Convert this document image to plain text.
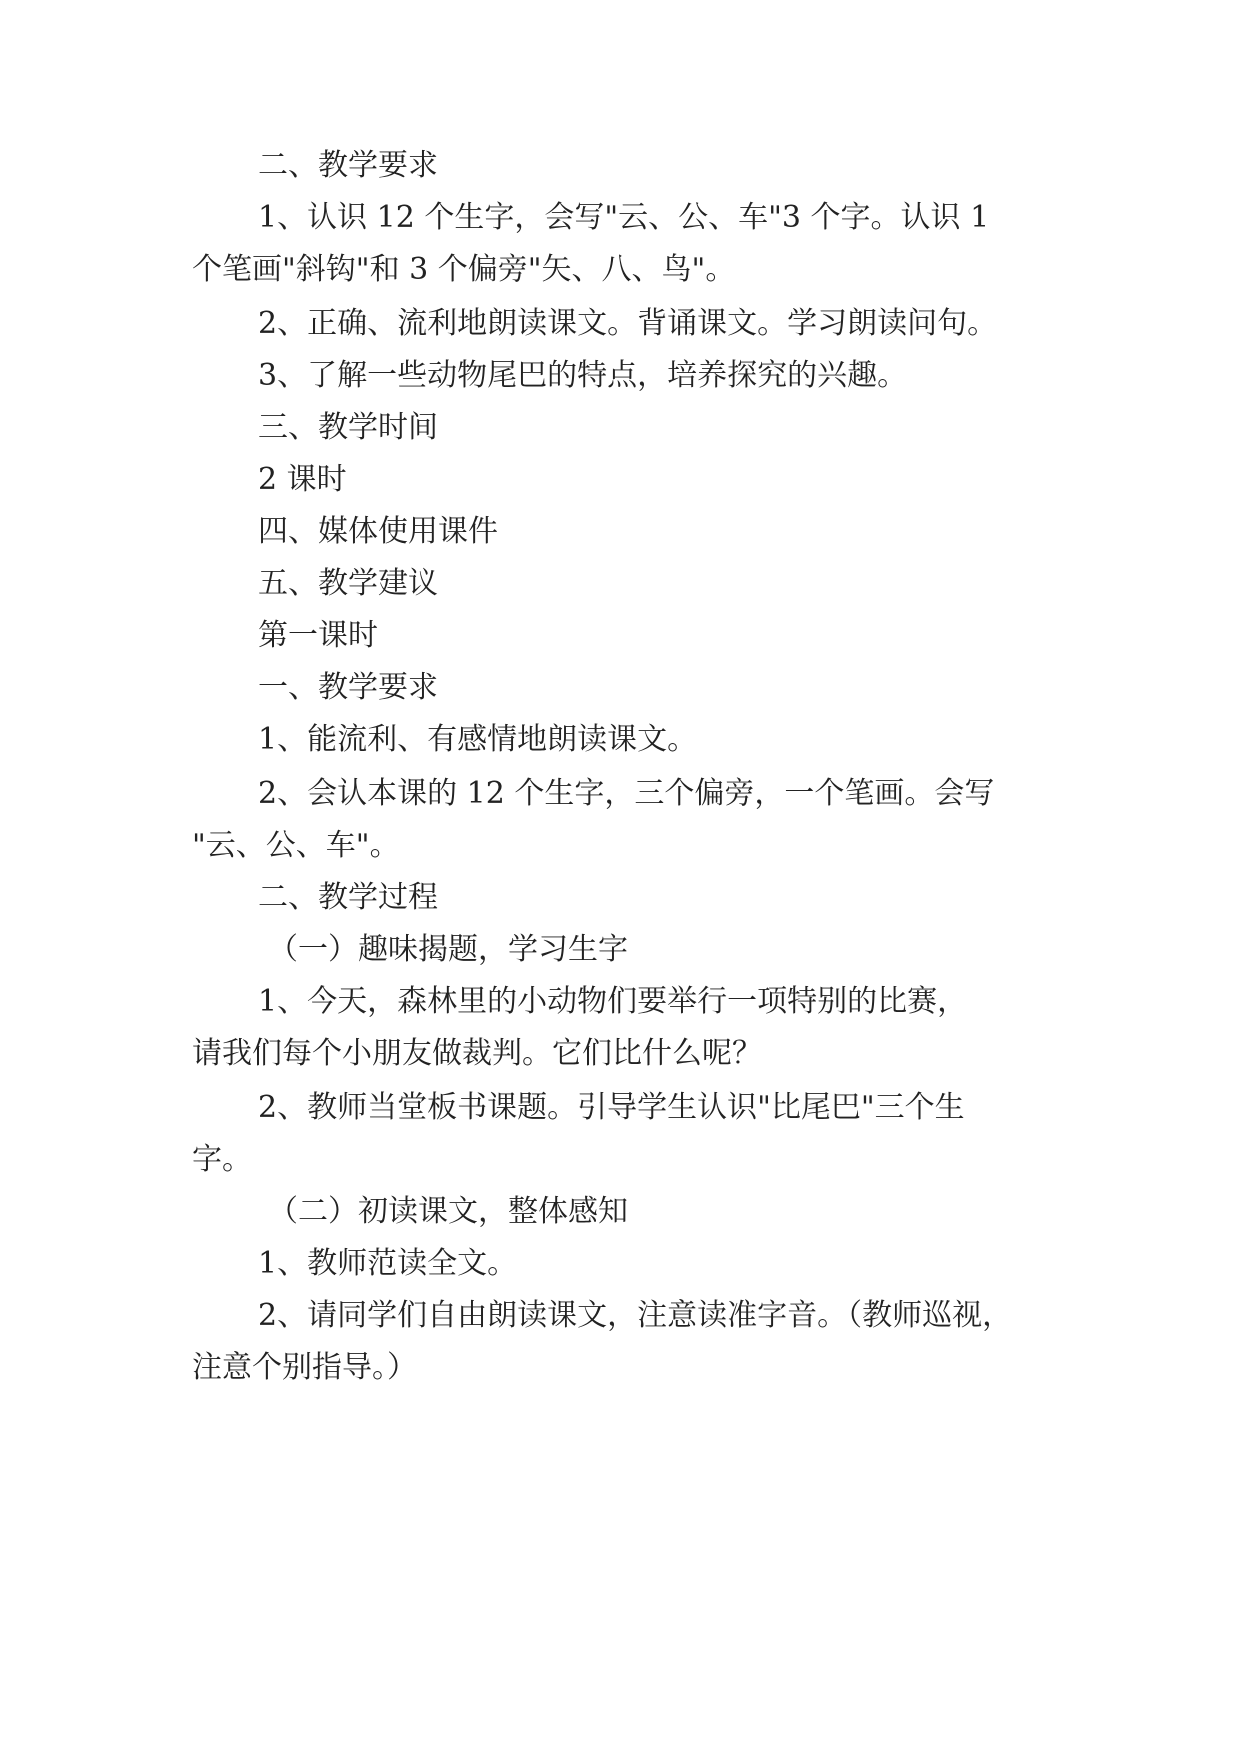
二、教学要求
1、认识 12 个生字，会写"云、公、车"3 个字。认识 1
个笔画"斜钩"和 3 个偏旁"矢、八、鸟"。
2、正确、流利地朗读课文。背诵课文。学习朗读问句。
3、了解一些动物尾巴的特点，培养探究的兴趣。
三、教学时间
2 课时
四、媒体使用课件
五、教学建议
第一课时
一、教学要求
1、能流利、有感情地朗读课文。
2、会认本课的 12 个生字，三个偏旁，一个笔画。会写
"云、公、车"。
二、教学过程
（一）趣味揭题，学习生字
1、今天，森林里的小动物们要举行一项特别的比赛，
请我们每个小朋友做裁判。它们比什么呢？
2、教师当堂板书课题。引导学生认识"比尾巴"三个生
字。
（二）初读课文，整体感知
1、教师范读全文。
2、请同学们自由朗读课文，注意读准字音。（教师巡视，
注意个别指导。）
